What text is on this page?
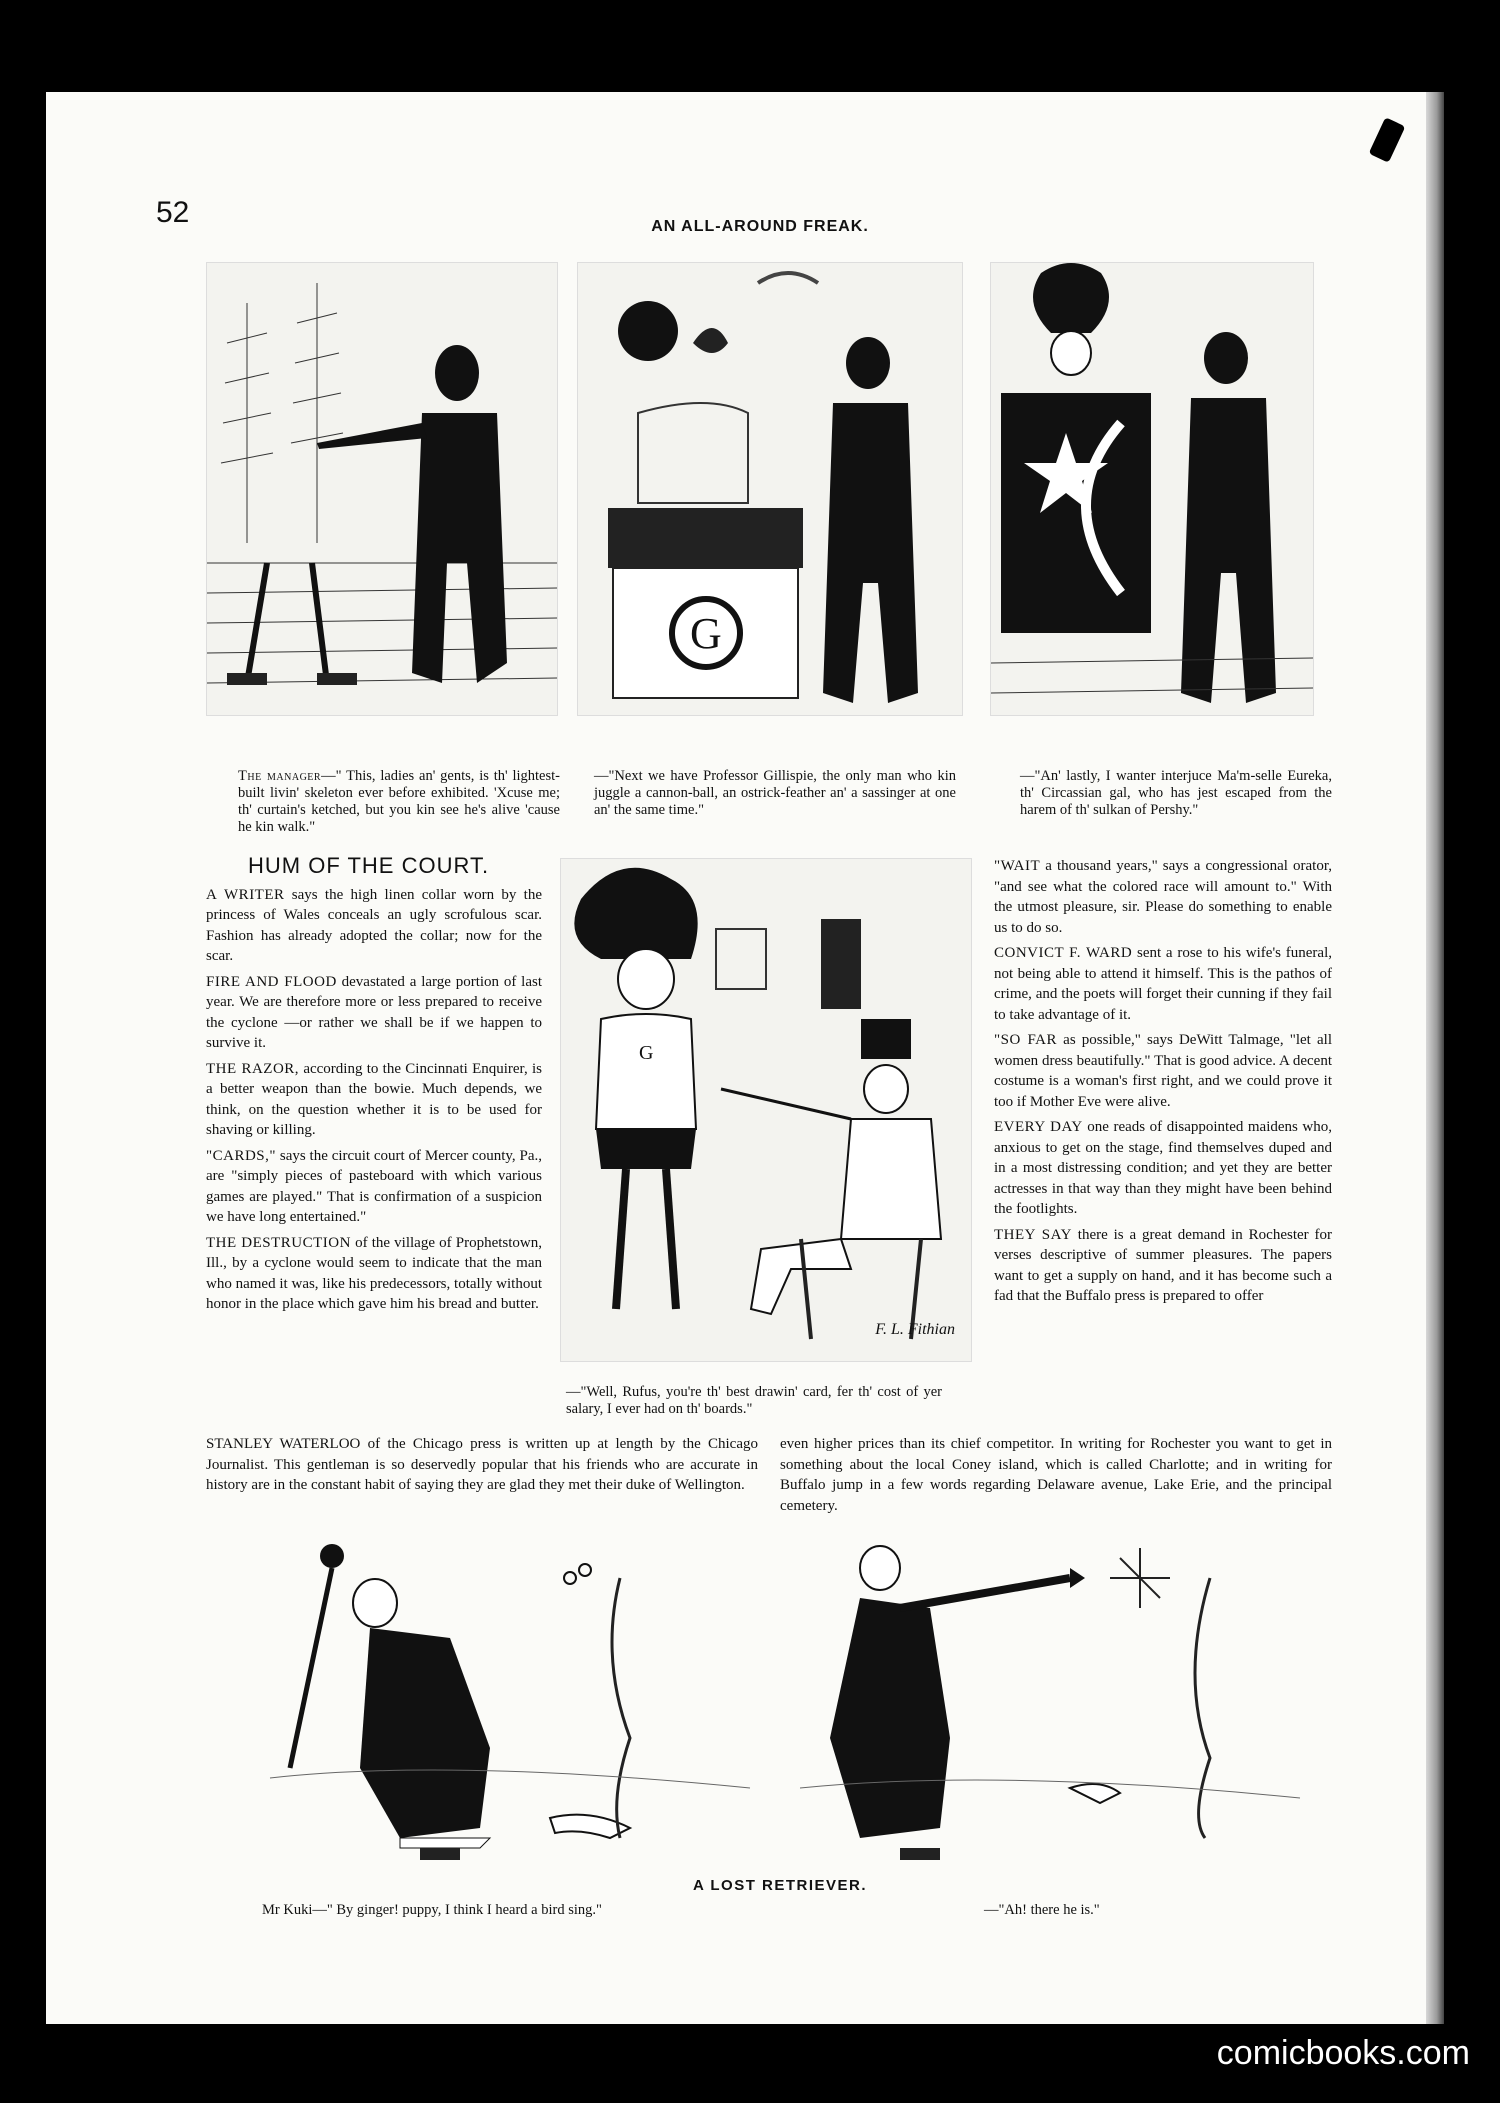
52	AN ALL-AROUND FREAK.
The manager—" This, ladies an' gents, is th' lightest-built livin' skeleton ever before exhibited. 'Xcuse me; th' curtain's ketched, but you kin see he's alive 'cause he kin walk."
G
—"Next we have Professor Gillispie, the only man who kin juggle a cannon-ball, an ostrick-feather an' a sassinger at one an' the same time."
—"An' lastly, I wanter interjuce Ma'm-selle Eureka, th' Circassian gal, who has jest escaped from the harem of th' sulkan of Pershy."
G
F. L. Fithian
—"Well, Rufus, you're th' best drawin' card, fer th' cost of yer salary, I ever had on th' boards."
HUM OF THE COURT.

A WRITER says the high linen collar worn by the princess of Wales conceals an ugly scrofulous scar. Fashion has already adopted the collar; now for the scar.

FIRE AND FLOOD devastated a large portion of last year. We are therefore more or less prepared to receive the cyclone —or rather we shall be if we happen to survive it.

THE RAZOR, according to the Cincinnati Enquirer, is a better weapon than the bowie. Much depends, we think, on the question whether it is to be used for shaving or killing.

"CARDS," says the circuit court of Mercer county, Pa., are "simply pieces of pasteboard with which various games are played." That is confirmation of a suspicion we have long entertained."

THE DESTRUCTION of the village of Prophetstown, Ill., by a cyclone would seem to indicate that the man who named it was, like his predecessors, totally without honor in the place which gave him his bread and butter.

"WAIT a thousand years," says a congressional orator, "and see what the colored race will amount to." With the utmost pleasure, sir. Please do something to enable us to do so.

CONVICT F. WARD sent a rose to his wife's funeral, not being able to attend it himself. This is the pathos of crime, and the poets will forget their cunning if they fail to take advantage of it.

"SO FAR as possible," says DeWitt Talmage, "let all women dress beautifully." That is good advice. A decent costume is a woman's first right, and we could prove it too if Mother Eve were alive.

EVERY DAY one reads of disappointed maidens who, anxious to get on the stage, find themselves duped and in a most distressing condition; and yet they are better actresses in that way than they might have been behind the footlights.

THEY SAY there is a great demand in Rochester for verses descriptive of summer pleasures. The papers want to get a supply on hand, and it has become such a fad that the Buffalo press is prepared to offer

STANLEY WATERLOO of the Chicago press is written up at length by the Chicago Journalist. This gentleman is so deservedly popular that his friends who are accurate in history are in the constant habit of saying they are glad they met their duke of Wellington.
even higher prices than its chief competitor. In writing for Rochester you want to get in something about the local Coney island, which is called Charlotte; and in writing for Buffalo jump in a few words regarding Delaware avenue, Lake Erie, and the principal cemetery.
A LOST RETRIEVER.
Mr Kuki—" By ginger! puppy, I think I heard a bird sing."	—"Ah! there he is."
comicbooks.com
